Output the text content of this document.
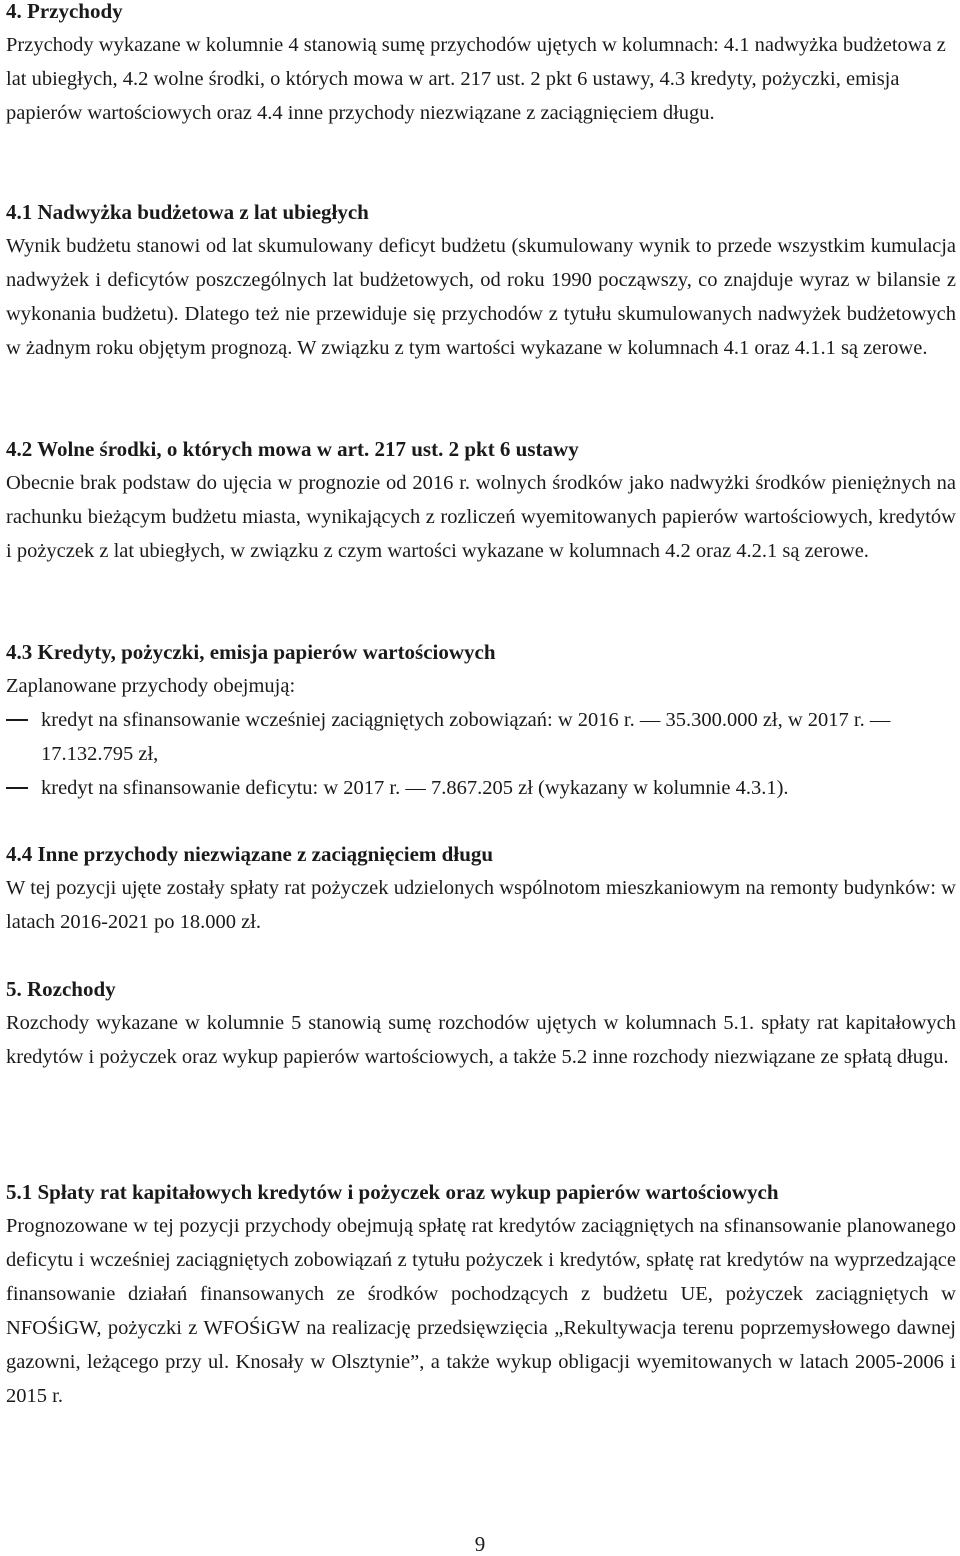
4. Przychody

Przychody wykazane w kolumnie 4 stanowią sumę przychodów ujętych w kolumnach: 4.1 nadwyżka budżetowa z lat ubiegłych, 4.2 wolne środki, o których mowa w art. 217 ust. 2 pkt 6 ustawy, 4.3 kredyty, pożyczki, emisja papierów wartościowych oraz 4.4 inne przychody niezwiązane z zaciągnięciem długu.

4.1 Nadwyżka budżetowa z lat ubiegłych

Wynik budżetu stanowi od lat skumulowany deficyt budżetu (skumulowany wynik to przede wszystkim kumulacja nadwyżek i deficytów poszczególnych lat budżetowych, od roku 1990 począwszy, co znajduje wyraz w bilansie z wykonania budżetu). Dlatego też nie przewiduje się przychodów z tytułu skumulowanych nadwyżek budżetowych w żadnym roku objętym prognozą. W związku z tym wartości wykazane w kolumnach 4.1 oraz 4.1.1 są zerowe.

4.2 Wolne środki, o których mowa w art. 217 ust. 2 pkt 6 ustawy

Obecnie brak podstaw do ujęcia w prognozie od 2016 r. wolnych środków jako nadwyżki środków pieniężnych na rachunku bieżącym budżetu miasta, wynikających z rozliczeń wyemitowanych papierów wartościowych, kredytów i pożyczek z lat ubiegłych, w związku z czym wartości wykazane w kolumnach 4.2 oraz 4.2.1 są zerowe.

4.3 Kredyty, pożyczki, emisja papierów wartościowych

Zaplanowane przychody obejmują:

kredyt na sfinansowanie wcześniej zaciągniętych zobowiązań: w 2016 r. — 35.300.000 zł, w 2017 r. — 17.132.795 zł,
kredyt na sfinansowanie deficytu: w 2017 r. — 7.867.205 zł (wykazany w kolumnie 4.3.1).

4.4 Inne przychody niezwiązane z zaciągnięciem długu

W tej pozycji ujęte zostały spłaty rat pożyczek udzielonych wspólnotom mieszkaniowym na remonty budynków: w latach 2016-2021 po 18.000 zł.

5. Rozchody

Rozchody wykazane w kolumnie 5 stanowią sumę rozchodów ujętych w kolumnach 5.1. spłaty rat kapitałowych kredytów i pożyczek oraz wykup papierów wartościowych, a także 5.2 inne rozchody niezwiązane ze spłatą długu.

5.1 Spłaty rat kapitałowych kredytów i pożyczek oraz wykup papierów wartościowych

Prognozowane w tej pozycji przychody obejmują spłatę rat kredytów zaciągniętych na sfinansowanie planowanego deficytu i wcześniej zaciągniętych zobowiązań z tytułu pożyczek i kredytów, spłatę rat kredytów na wyprzedzające finansowanie działań finansowanych ze środków pochodzących z budżetu UE, pożyczek zaciągniętych w NFOŚiGW, pożyczki z WFOŚiGW na realizację przedsięwzięcia „Rekultywacja terenu poprzemysłowego dawnej gazowni, leżącego przy ul. Knosały w Olsztynie”, a także wykup obligacji wyemitowanych w latach 2005-2006 i 2015 r.

9
